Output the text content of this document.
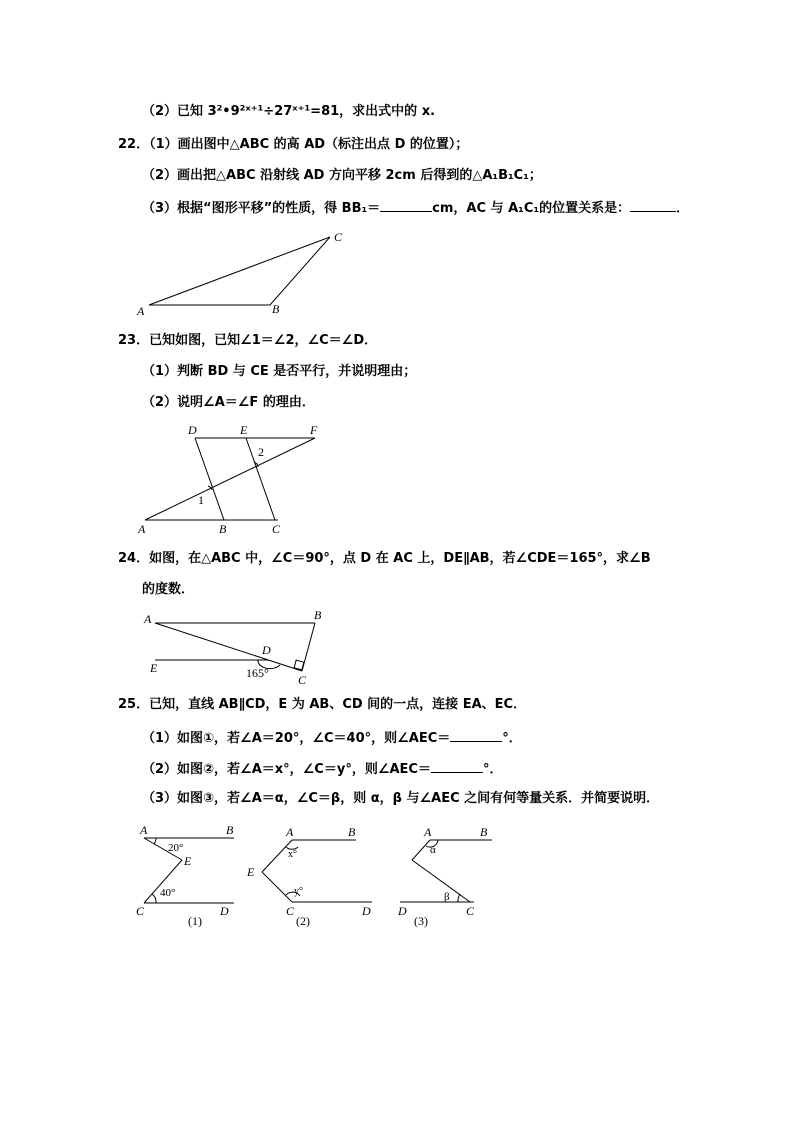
（2）已知 3²•9²ˣ⁺¹÷27ˣ⁺¹=81，求出式中的 x.
22．（1）画出图中△ABC 的高 AD（标注出点 D 的位置）；
（2）画出把△ABC 沿射线 AD 方向平移 2cm 后得到的△A₁B₁C₁；
（3）根据“图形平移”的性质，得 BB₁＝	cm，AC 与 A₁C₁的位置关系是：	．
A	B
C
23．已知如图，已知∠1＝∠2，∠C＝∠D．
（1）判断 BD 与 CE 是否平行，并说明理由；
（2）说明∠A＝∠F 的理由．
D	E	F
A	B	C
1
2
24．如图，在△ABC 中，∠C＝90°，点 D 在 AC 上，DE∥AB，若∠CDE＝165°，求∠B
的度数．
A	B
C
D
E	165°
25．已知，直线 AB∥CD，E 为 AB、CD 间的一点，连接 EA、EC．
（1）如图①，若∠A＝20°，∠C＝40°，则∠AEC＝	°．
（2）如图②，若∠A＝x°，∠C＝y°，则∠AEC＝	°．
（3）如图③，若∠A＝α，∠C＝β，则 α，β 与∠AEC 之间有何等量关系．并简要说明．
A	B
E
C	D
20°
40°
(1)
A	B
E
C	D
x°
y°
(2)
A	B
D	C
α
β
(3)
